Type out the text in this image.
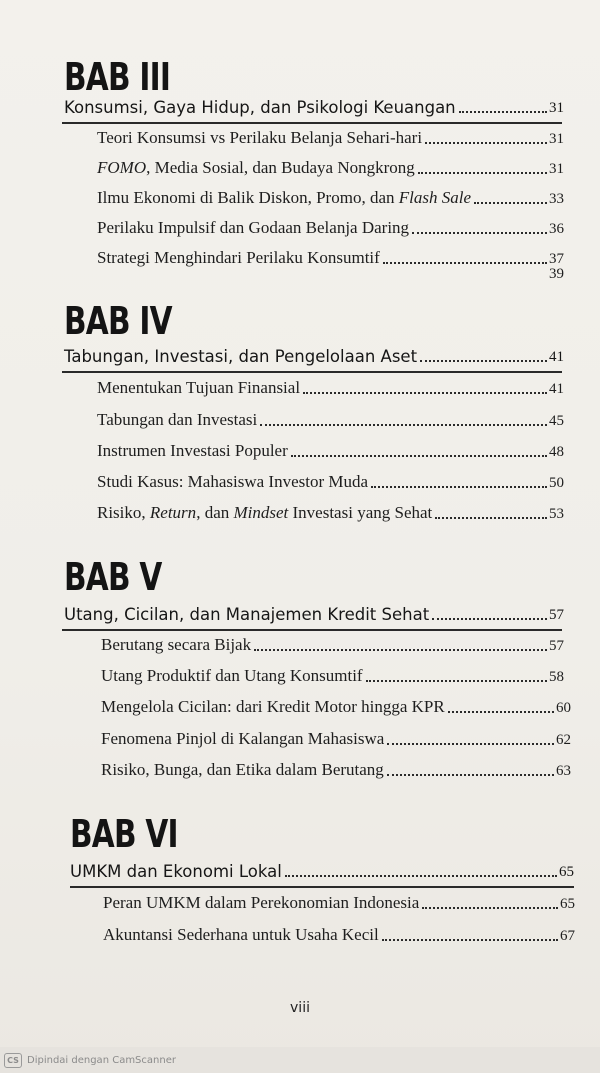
BAB III
Konsumsi, Gaya Hidup, dan Psikologi Keuangan	31
Teori Konsumsi vs Perilaku Belanja Sehari-hari	31
FOMO, Media Sosial, dan Budaya Nongkrong	31
Ilmu Ekonomi di Balik Diskon, Promo, dan Flash Sale	33
Perilaku Impulsif dan Godaan Belanja Daring	36
Strategi Menghindari Perilaku Konsumtif	37
39
BAB IV
Tabungan, Investasi, dan Pengelolaan Aset	41
Menentukan Tujuan Finansial	41
Tabungan dan Investasi	45
Instrumen Investasi Populer	48
Studi Kasus: Mahasiswa Investor Muda	50
Risiko, Return, dan Mindset Investasi yang Sehat	53
BAB V
Utang, Cicilan, dan Manajemen Kredit Sehat	57
Berutang secara Bijak	57
Utang Produktif dan Utang Konsumtif	58
Mengelola Cicilan: dari Kredit Motor hingga KPR	60
Fenomena Pinjol di Kalangan Mahasiswa	62
Risiko, Bunga, dan Etika dalam Berutang	63
BAB VI
UMKM dan Ekonomi Lokal	65
Peran UMKM dalam Perekonomian Indonesia	65
Akuntansi Sederhana untuk Usaha Kecil	67
viii
CS Dipindai dengan CamScanner
